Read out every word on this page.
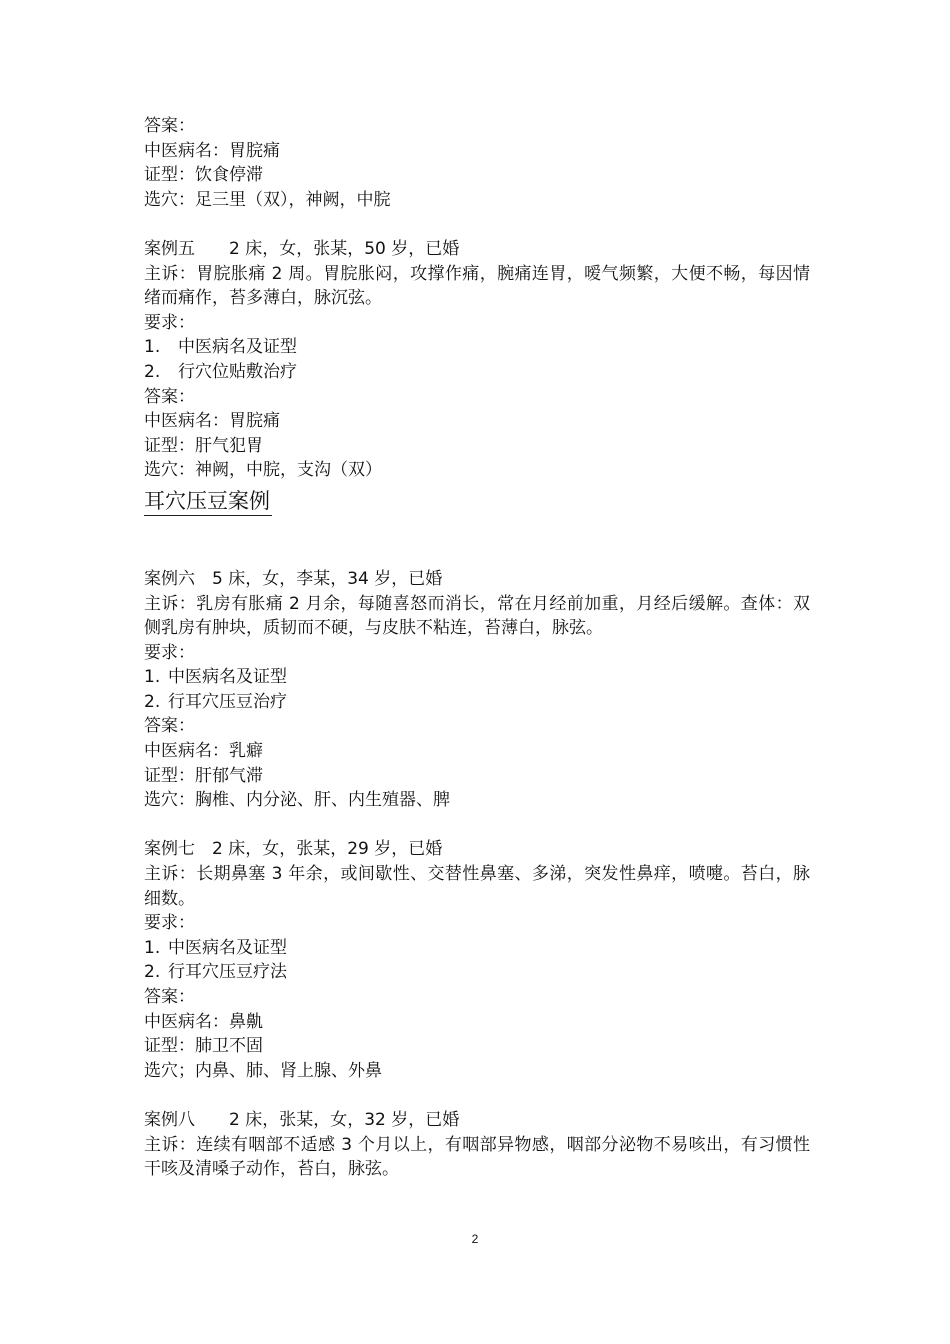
答案：
中医病名：胃脘痛
证型：饮食停滞
选穴：足三里（双），神阙，中脘
案例五　　2 床，女，张某，50 岁，已婚
主诉：胃脘胀痛 2 周。胃脘胀闷，攻撑作痛，腕痛连胃，嗳气频繁，大便不畅，每因情绪而痛作，苔多薄白，脉沉弦。
要求：
1. 中医病名及证型
2. 行穴位贴敷治疗
答案：
中医病名：胃脘痛
证型：肝气犯胃
选穴：神阙，中脘，支沟（双）
耳穴压豆案例
案例六　5 床，女，李某，34 岁，已婚
主诉：乳房有胀痛 2 月余，每随喜怒而消长，常在月经前加重，月经后缓解。查体：双侧乳房有肿块，质韧而不硬，与皮肤不粘连，苔薄白，脉弦。
要求：
1. 中医病名及证型
2. 行耳穴压豆治疗
答案：
中医病名：乳癖
证型：肝郁气滞
选穴：胸椎、内分泌、肝、内生殖器、脾
案例七　2 床，女，张某，29 岁，已婚
主诉：长期鼻塞 3 年余，或间歇性、交替性鼻塞、多涕，突发性鼻痒，喷嚏。苔白，脉细数。
要求：
1. 中医病名及证型
2. 行耳穴压豆疗法
答案：
中医病名：鼻鼽
证型：肺卫不固
选穴；内鼻、肺、肾上腺、外鼻
案例八　　2 床，张某，女，32 岁，已婚
主诉：连续有咽部不适感 3 个月以上，有咽部异物感，咽部分泌物不易咳出，有习惯性干咳及清嗓子动作，苔白，脉弦。
2
